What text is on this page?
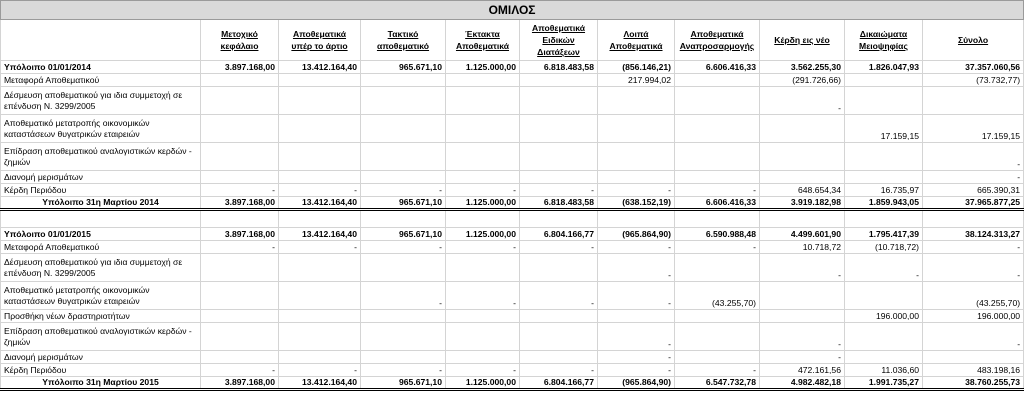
ΟΜΙΛΟΣ										
	Μετοχικό κεφάλαιο	Αποθεματικά υπέρ το άρτιο	Τακτικό αποθεματικό	Έκτακτα Αποθεματικά	Αποθεματικά Ειδικών Διατάξεων	Λοιπά Αποθεματικά	Αποθεματικά Αναπροσαρμογής	Κέρδη εις νέο	Δικαιώματα Μειοψηφίας	Σύνολο
Υπόλοιπο 01/01/2014	3.897.168,00	13.412.164,40	965.671,10	1.125.000,00	6.818.483,58	(856.146,21)	6.606.416,33	3.562.255,30	1.826.047,93	37.357.060,56
Μεταφορά Αποθεματικού						217.994,02		(291.726,66)		(73.732,77)
Δέσμευση αποθεματικού για ιδια συμμετοχή σε επένδυση Ν. 3299/2005								-		
Αποθεματικό μετατροπής οικονομικών καταστάσεων θυγατρικών εταιρειών									17.159,15	17.159,15
Επίδραση αποθεματικού αναλογιστικών κερδών - ζημιών										-
Διανομή μερισμάτων										-
Κέρδη Περιόδου	-	-	-	-	-	-	-	648.654,34	16.735,97	665.390,31
Υπόλοιπο 31η Μαρτίου 2014	3.897.168,00	13.412.164,40	965.671,10	1.125.000,00	6.818.483,58	(638.152,19)	6.606.416,33	3.919.182,98	1.859.943,05	37.965.877,25

Υπόλοιπο 01/01/2015	3.897.168,00	13.412.164,40	965.671,10	1.125.000,00	6.804.166,77	(965.864,90)	6.590.988,48	4.499.601,90	1.795.417,39	38.124.313,27
Μεταφορά Αποθεματικού	-	-	-	-	-	-	-	10.718,72	(10.718,72)	-
Δέσμευση αποθεματικού για ιδια συμμετοχή σε επένδυση Ν. 3299/2005						-		-	-	-
Αποθεματικό μετατροπής οικονομικών καταστάσεων θυγατρικών εταιρειών			-	-	-	-	(43.255,70)			(43.255,70)
Προσθήκη νέων δραστηριοτήτων									196.000,00	196.000,00
Επίδραση αποθεματικού αναλογιστικών κερδών - ζημιών						-		-		-
Διανομή μερισμάτων						-		-		
Κέρδη Περιόδου	-	-	-	-	-	-	-	472.161,56	11.036,60	483.198,16
Υπόλοιπο 31η Μαρτίου 2015	3.897.168,00	13.412.164,40	965.671,10	1.125.000,00	6.804.166,77	(965.864,90)	6.547.732,78	4.982.482,18	1.991.735,27	38.760.255,73
